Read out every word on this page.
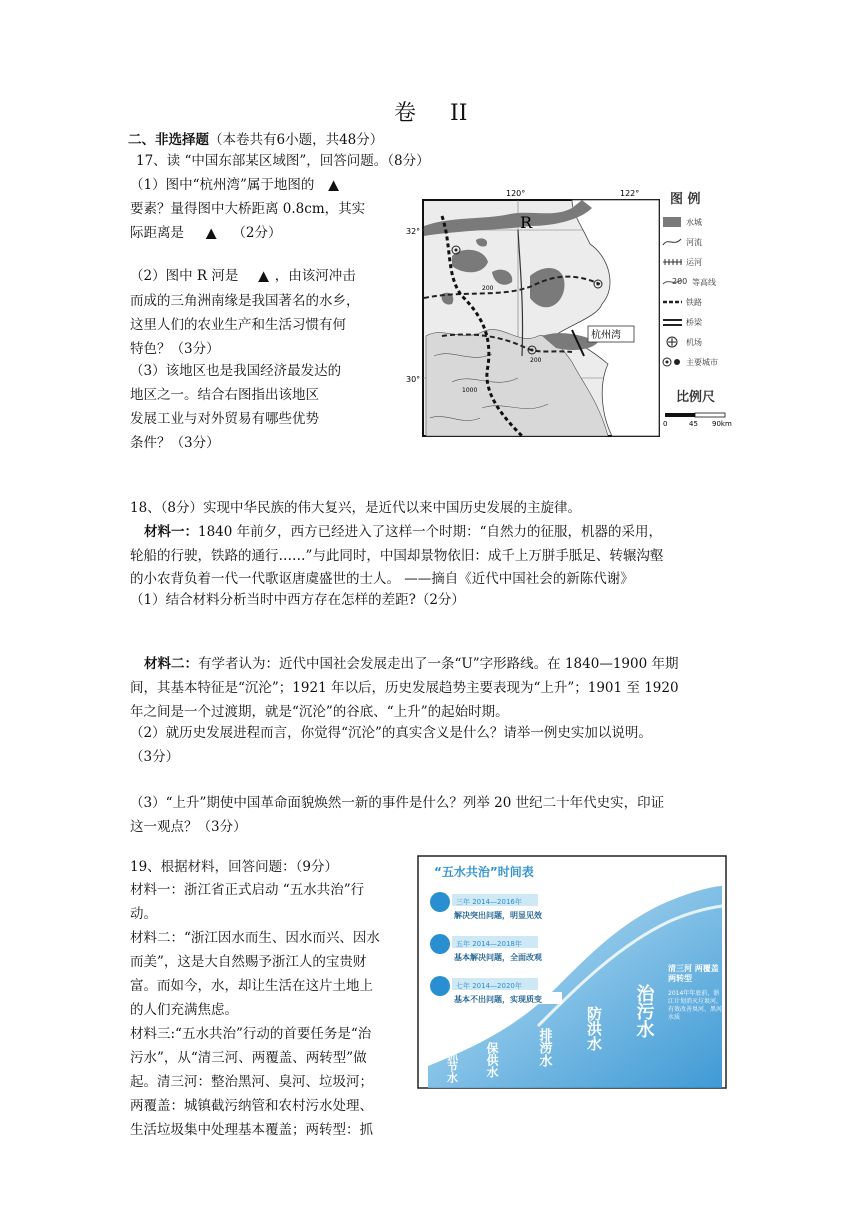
卷 II
二、非选择题（本卷共有6小题，共48分）
17、读 “中国东部某区域图”，回答问题。（8分）
（1）图中“杭州湾”属于地图的 ▲
要素？量得图中大桥距离 0.8cm，其实
际距离是 ▲ （2分）
（2）图中 R 河是 ▲ ，由该河冲击
而成的三角洲南缘是我国著名的水乡，
这里人们的农业生产和生活习惯有何
特色？（3分）
（3）该地区也是我国经济最发达的
地区之一。结合右图指出该地区
发展工业与对外贸易有哪些优势
条件？（3分）
120°	122°
32°
30°
R
杭州湾
200
200
1000
图 例
水城
河流
运河
200 等高线
铁路
桥梁
机场
主要城市
比例尺
0	45 90km
18、（8分）实现中华民族的伟大复兴，是近代以来中国历史发展的主旋律。
材料一：1840 年前夕，西方已经进入了这样一个时期：“自然力的征服，机器的采用，
轮船的行驶，铁路的通行……”与此同时，中国却景物依旧：成千上万胼手胝足、转辗沟壑
的小农背负着一代一代歌讴唐虞盛世的士人。 ——摘自《近代中国社会的新陈代谢》
（1）结合材料分析当时中西方存在怎样的差距?（2分）
材料二：有学者认为：近代中国社会发展走出了一条“U”字形路线。在 1840—1900 年期
间，其基本特征是“沉沦”；1921 年以后，历史发展趋势主要表现为“上升”；1901 至 1920
年之间是一个过渡期，就是“沉沦”的谷底、“上升”的起始时期。
（2）就历史发展进程而言，你觉得“沉沦”的真实含义是什么？请举一例史实加以说明。
（3分）
（3）“上升”期使中国革命面貌焕然一新的事件是什么？列举 20 世纪二十年代史实，印证
这一观点？（3分）
19、根据材料，回答问题：（9分）
材料一：浙江省正式启动 “五水共治”行
动。
材料二：“浙江因水而生、因水而兴、因水
而美”，这是大自然赐予浙江人的宝贵财
富。而如今，水，却让生活在这片土地上
的人们充满焦虑。
材料三:“五水共治”行动的首要任务是“治
污水”，从“清三河、两覆盖、两转型”做
起。清三河：整治黑河、臭河、垃圾河；
两覆盖：城镇截污纳管和农村污水处理、
生活垃圾集中处理基本覆盖；两转型：抓
“五水共治”时间表
三年 2014—2016年
解决突出问题，明显见效
五年 2014—2018年
基本解决问题，全面改观
七年 2014—2020年
基本不出问题，实现质变
抓节水 保供水	排涝水 防洪水 治污水
清三河 两覆盖 两转型
2014年年底前，浙江计划消灭垃圾河，有效改善臭河、黑河水质
